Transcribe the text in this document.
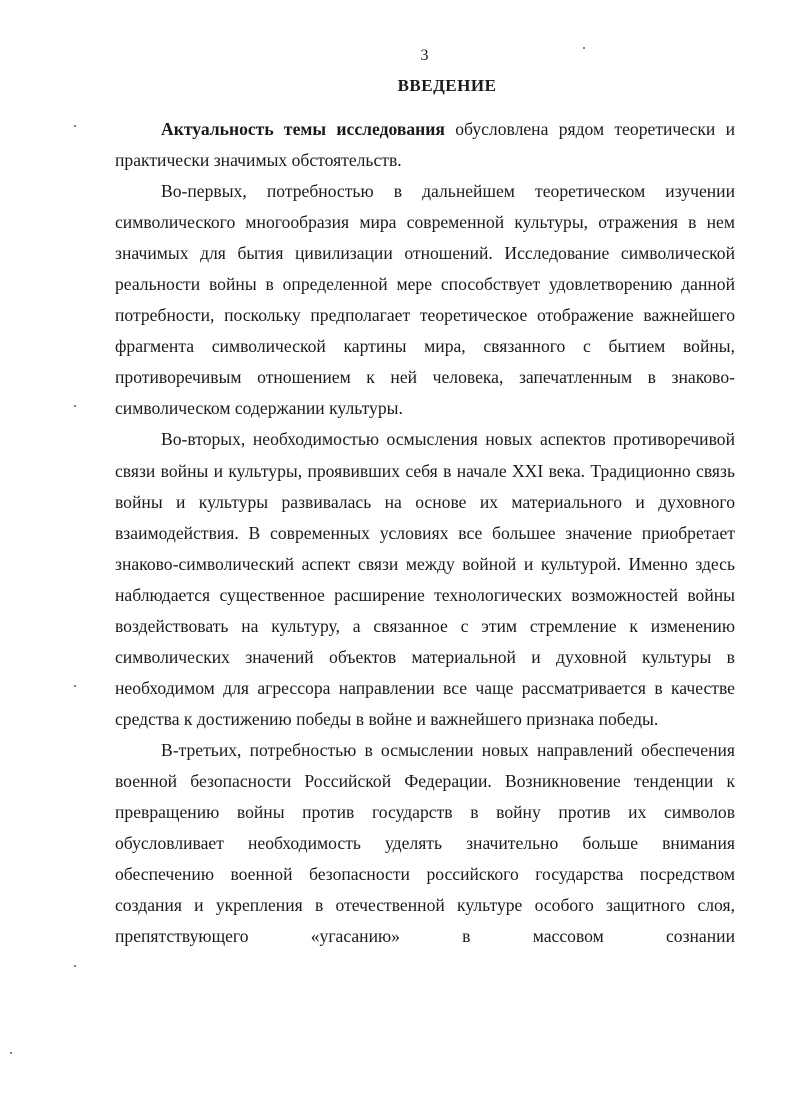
3
ВВЕДЕНИЕ

Актуальность темы исследования обусловлена рядом теоретически и практически значимых обстоятельств.

Во-первых, потребностью в дальнейшем теоретическом изучении символического многообразия мира современной культуры, отражения в нем значимых для бытия цивилизации отношений. Исследование символической реальности войны в определенной мере способствует удовлетворению данной потребности, поскольку предполагает теоретическое отображение важнейшего фрагмента символической картины мира, связанного с бытием войны, противоречивым отношением к ней человека, запечатленным в знаково-символическом содержании культуры.

Во-вторых, необходимостью осмысления новых аспектов противоречивой связи войны и культуры, проявивших себя в начале XXI века. Традиционно связь войны и культуры развивалась на основе их материального и духовного взаимодействия. В современных условиях все большее значение приобретает знаково-символический аспект связи между войной и культурой. Именно здесь наблюдается существенное расширение технологических возможностей войны воздействовать на культуру, а связанное с этим стремление к изменению символических значений объектов материальной и духовной культуры в необходимом для агрессора направлении все чаще рассматривается в качестве средства к достижению победы в войне и важнейшего признака победы.

В-третьих, потребностью в осмыслении новых направлений обеспечения военной безопасности Российской Федерации. Возникновение тенденции к превращению войны против государств в войну против их символов обусловливает необходимость уделять значительно больше внимания обеспечению военной безопасности российского государства посредством создания и укрепления в отечественной культуре особого защитного слоя, препятствующего «угасанию» в массовом сознании
